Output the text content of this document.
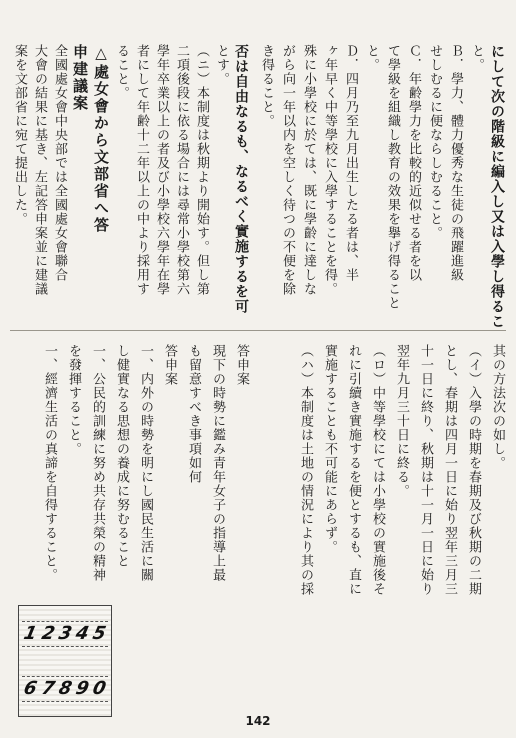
にして次の階級に編入し又は入學し得るこ
と。
Ｂ．學力、體力優秀な生徒の飛躍進級
せしむるに便ならしむること。
Ｃ．年齢學力を比較的近似せる者を以
て學級を組織し教育の效果を擧げ得ること
と。
Ｄ．四月乃至九月出生したる者は、半
ヶ年早く中等學校に入學することを得。
殊に小學校に於ては、既に學齡に達しな
がら向一年以内を空しく待つの不便を除
き得ること。
其の方法次の如し。
（イ）入學の時期を春期及び秋期の二期
とし、春期は四月一日に始り翌年三月三
十一日に終り、秋期は十一月一日に始り
翌年九月三十日に終る。
（ロ）中等學校にては小學校の實施後そ
れに引續き實施するを便とするも、直に
實施することも不可能にあらず。
（ハ）本制度は土地の情況により其の採
否は自由なるも、なるべく實施するを可
とす。
（ニ）本制度は秋期より開始す。但し第
二項後段に依る場合には尋常小學校第六
學年卒業以上の者及び小學校六學年在學
者にして年齢十二年以上の中より採用す
ること。
△處女會から文部省へ答
申建議案
全國處女會中央部では全國處女會聯合
大會の結果に基き、左記答申案並に建議
案を文部省に宛て提出した。
答申案
現下の時勢に鑑み青年女子の指導上最
も留意すべき事項如何
答申案
一、内外の時勢を明にし國民生活に關
し健實なる思想の養成に努むること
一、公民的訓練に努め共存共榮の精神
を發揮すること。
一、經濟生活の真諦を自得すること。
1 2 3 4 5
6 7 8 9 0
142
